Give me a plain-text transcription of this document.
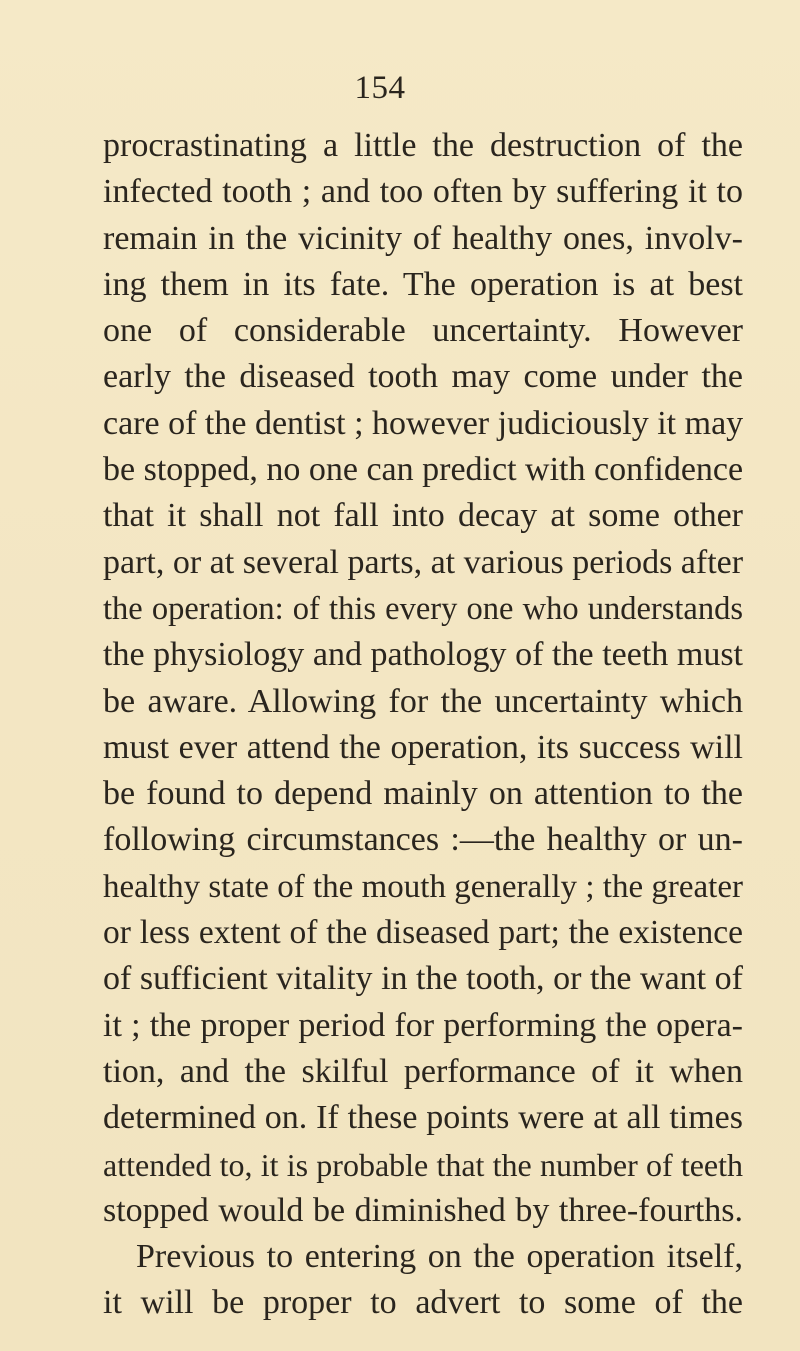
154
procrastinating a little the destruction of the
infected tooth ; and too often by suffering it to
remain in the vicinity of healthy ones, involv-
ing them in its fate. The operation is at best
one of considerable uncertainty. However
early the diseased tooth may come under the
care of the dentist ; however judiciously it may
be stopped, no one can predict with confidence
that it shall not fall into decay at some other
part, or at several parts, at various periods after
the operation: of this every one who understands
the physiology and pathology of the teeth must
be aware. Allowing for the uncertainty which
must ever attend the operation, its success will
be found to depend mainly on attention to the
following circumstances :—the healthy or un-
healthy state of the mouth generally ; the greater
or less extent of the diseased part; the existence
of sufficient vitality in the tooth, or the want of
it ; the proper period for performing the opera-
tion, and the skilful performance of it when
determined on. If these points were at all times
attended to, it is probable that the number of teeth
stopped would be diminished by three-fourths.
Previous to entering on the operation itself,
it will be proper to advert to some of the
